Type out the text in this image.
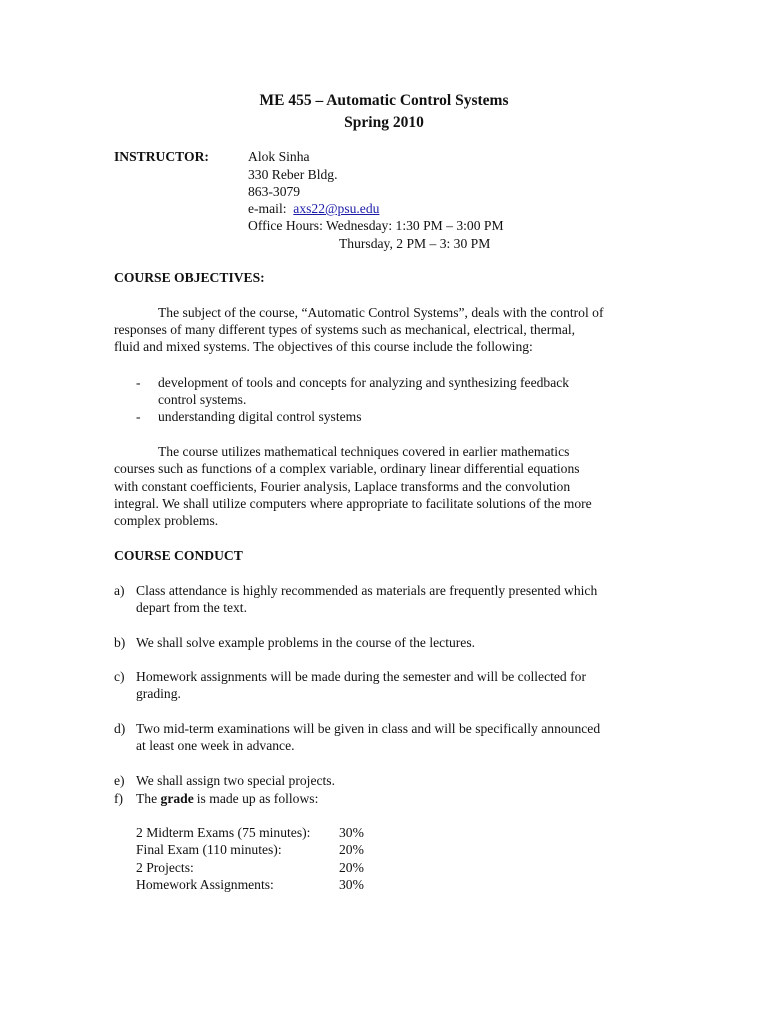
ME 455 – Automatic Control Systems
Spring 2010
INSTRUCTOR:	Alok Sinha
330 Reber Bldg.
863-3079
e-mail: axs22@psu.edu
Office Hours: Wednesday: 1:30 PM – 3:00 PM
Thursday, 2 PM – 3: 30 PM
COURSE OBJECTIVES:
The subject of the course, “Automatic Control Systems”, deals with the control of
responses of many different types of systems such as mechanical, electrical, thermal,
fluid and mixed systems. The objectives of this course include the following:
- development of tools and concepts for analyzing and synthesizing feedback
control systems.
- understanding digital control systems
The course utilizes mathematical techniques covered in earlier mathematics
courses such as functions of a complex variable, ordinary linear differential equations
with constant coefficients, Fourier analysis, Laplace transforms and the convolution
integral. We shall utilize computers where appropriate to facilitate solutions of the more
complex problems.
COURSE CONDUCT
a) Class attendance is highly recommended as materials are frequently presented which
depart from the text.
b) We shall solve example problems in the course of the lectures.
c) Homework assignments will be made during the semester and will be collected for
grading.
d) Two mid-term examinations will be given in class and will be specifically announced
at least one week in advance.
e) We shall assign two special projects.
f) The grade is made up as follows:
2 Midterm Exams (75 minutes): 30%
Final Exam (110 minutes):	20%
2 Projects:	20%
Homework Assignments:	30%
